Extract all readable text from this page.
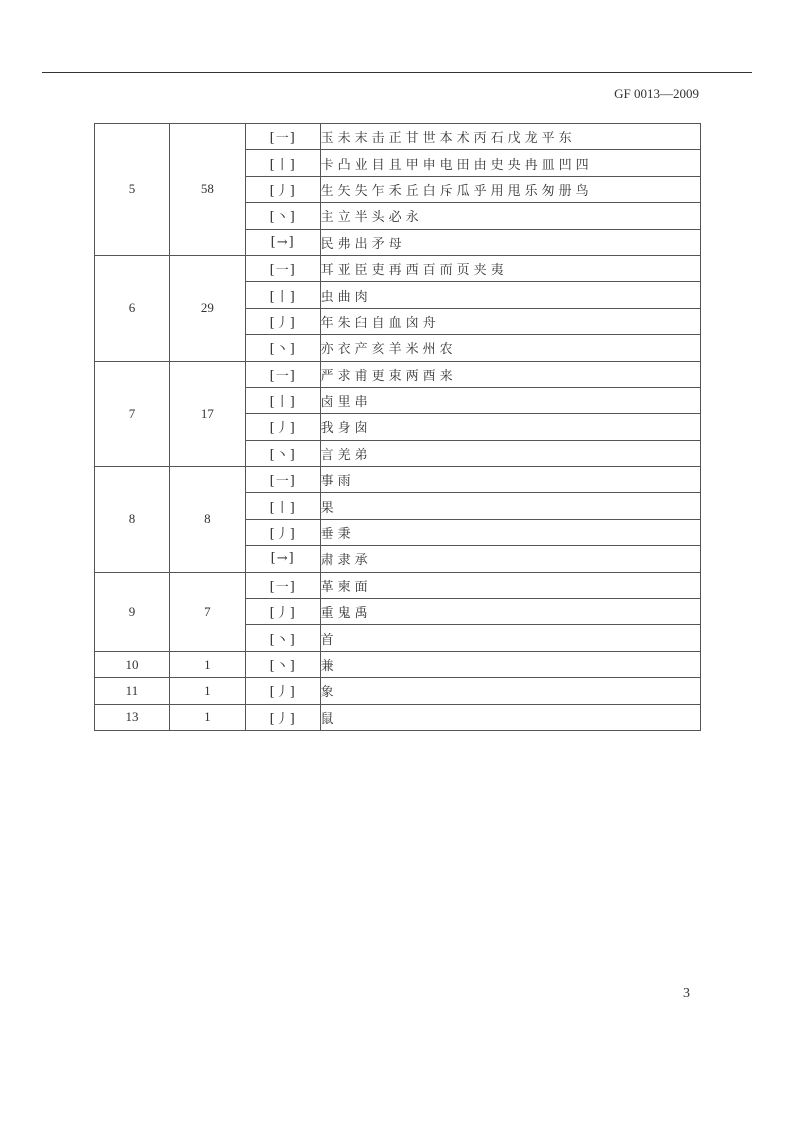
GF 0013—2009
5	58	[一]	玉未末击正甘世本术丙石戊龙平东
		[丨]	卡凸业目且甲申电田由史央冉皿凹四
		[丿]	生矢失乍禾丘白斥瓜乎用甩乐匆册鸟
		[丶]	主立半头必永
		[→]	民弗出矛母
6	29	[一]	耳亚臣吏再西百而页夹夷
		[丨]	虫曲肉
		[丿]	年朱臼自血囟舟
		[丶]	亦衣产亥羊米州农
7	17	[一]	严求甫更束两酉来
		[丨]	卤里串
		[丿]	我身囱
		[丶]	言羌弟
8	8	[一]	事雨
		[丨]	果
		[丿]	垂秉
		[→]	肃隶承
9	7	[一]	革柬面
		[丿]	重鬼禹
		[丶]	首
10	1	[丶]	兼
11	1	[丿]	象
13	1	[丿]	鼠
3
